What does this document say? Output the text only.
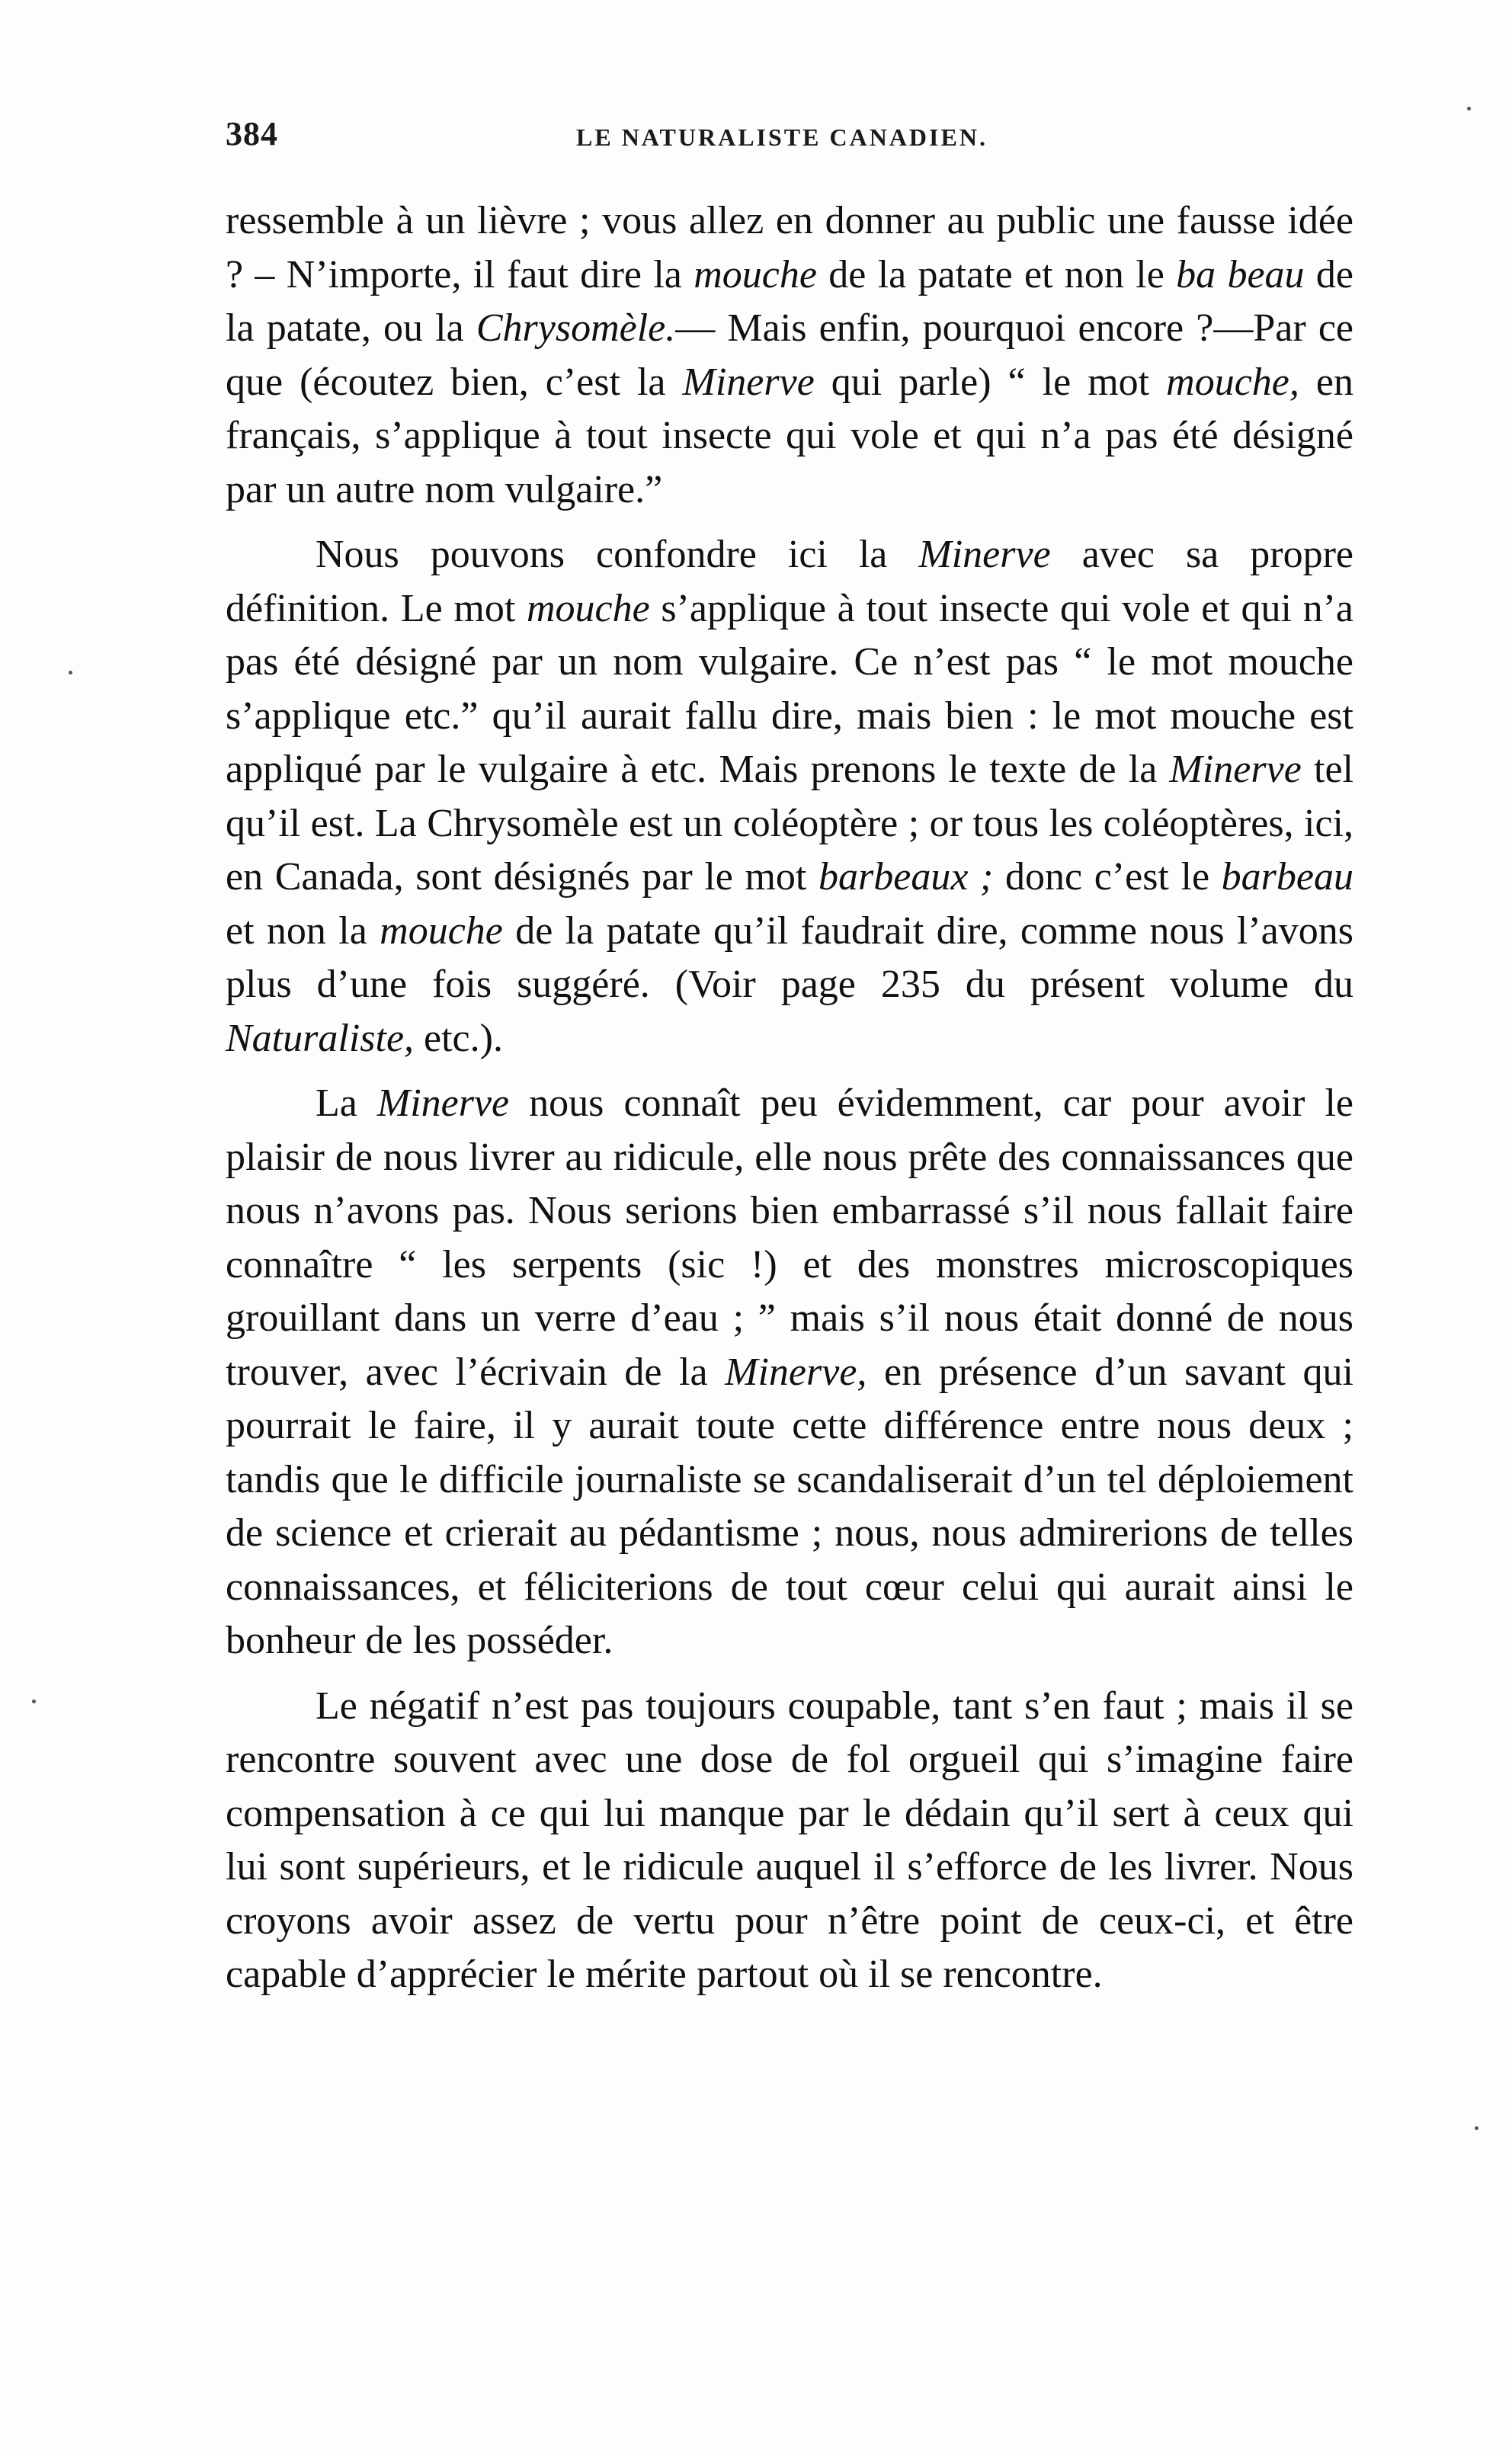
384	LE NATURALISTE CANADIEN.

ressemble à un lièvre ; vous allez en donner au public une fausse idée ? – N’importe, il faut dire la mouche de la patate et non le ba beau de la patate, ou la Chrysomèle.— Mais enfin, pourquoi encore ?—Par ce que (écoutez bien, c’est la Minerve qui parle) “ le mot mouche, en français, s’applique à tout insecte qui vole et qui n’a pas été désigné par un autre nom vulgaire.”

Nous pouvons confondre ici la Minerve avec sa propre définition. Le mot mouche s’applique à tout insecte qui vole et qui n’a pas été désigné par un nom vulgaire. Ce n’est pas “ le mot mouche s’applique etc.” qu’il aurait fallu dire, mais bien : le mot mouche est appliqué par le vulgaire à etc. Mais prenons le texte de la Minerve tel qu’il est. La Chrysomèle est un coléoptère ; or tous les coléoptères, ici, en Canada, sont désignés par le mot barbeaux ; donc c’est le barbeau et non la mouche de la patate qu’il faudrait dire, comme nous l’avons plus d’une fois suggéré. (Voir page 235 du présent volume du Naturaliste, etc.).

La Minerve nous connaît peu évidemment, car pour avoir le plaisir de nous livrer au ridicule, elle nous prête des connaissances que nous n’avons pas. Nous serions bien embarrassé s’il nous fallait faire connaître “ les serpents (sic !) et des monstres microscopiques grouillant dans un verre d’eau ; ” mais s’il nous était donné de nous trouver, avec l’écrivain de la Minerve, en présence d’un savant qui pourrait le faire, il y aurait toute cette différence entre nous deux ; tandis que le difficile journaliste se scandaliserait d’un tel déploiement de science et crierait au pédantisme ; nous, nous admirerions de telles connaissances, et féliciterions de tout cœur celui qui aurait ainsi le bonheur de les posséder.

Le négatif n’est pas toujours coupable, tant s’en faut ; mais il se rencontre souvent avec une dose de fol orgueil qui s’imagine faire compensation à ce qui lui manque par le dédain qu’il sert à ceux qui lui sont supérieurs, et le ridicule auquel il s’efforce de les livrer. Nous croyons avoir assez de vertu pour n’être point de ceux-ci, et être capable d’apprécier le mérite partout où il se rencontre.
